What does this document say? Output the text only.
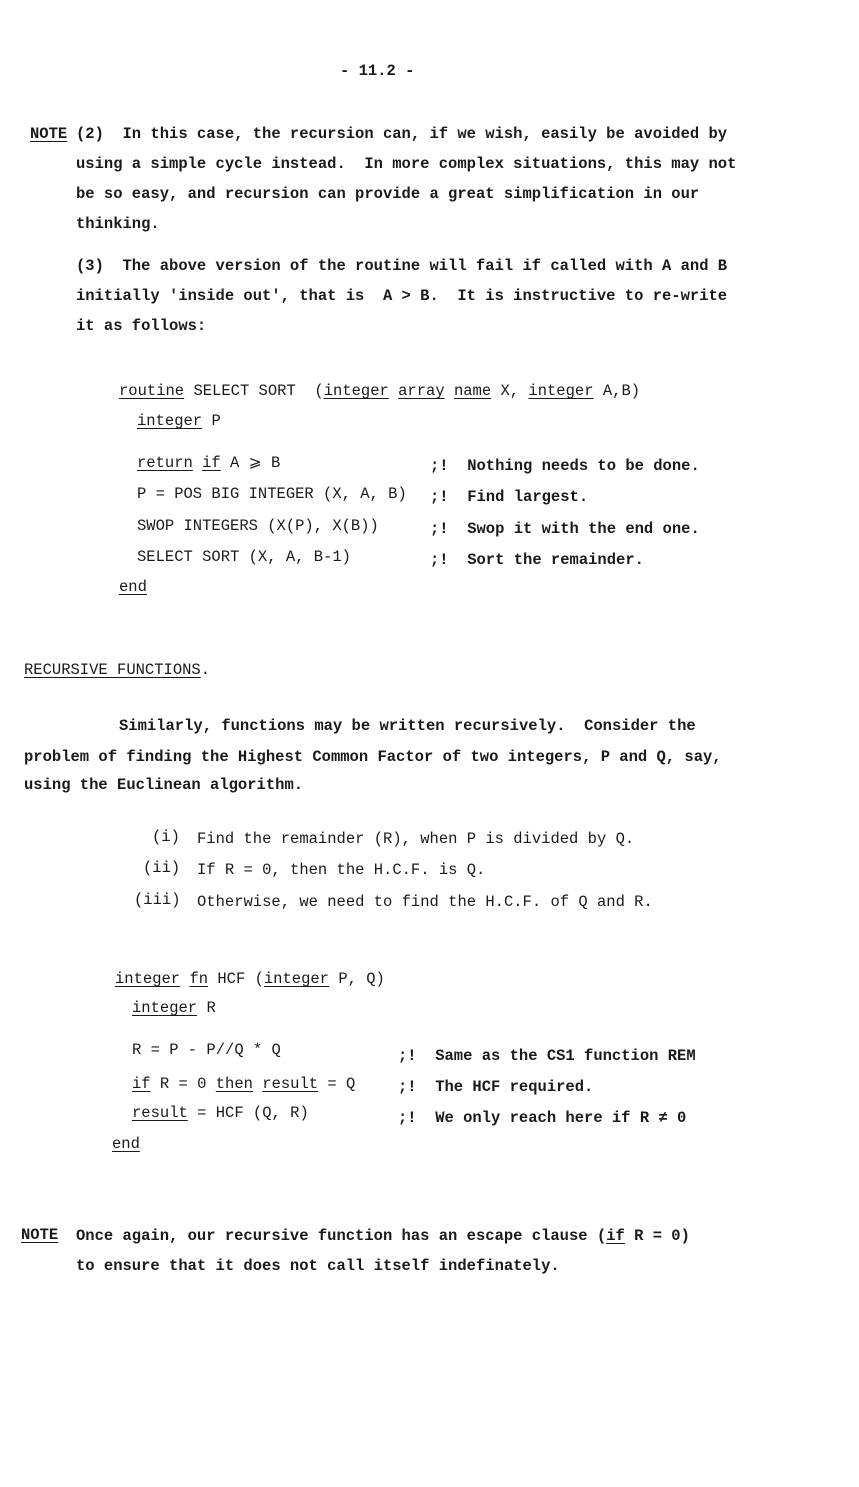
- 11.2 -
NOTE (2)  In this case, the recursion can, if we wish, easily be avoided by
using a simple cycle instead.  In more complex situations, this may not
be so easy, and recursion can provide a great simplification in our
thinking.
(3)  The above version of the routine will fail if called with A and B
initially 'inside out', that is  A > B.  It is instructive to re-write
it as follows:
routine SELECT SORT (integer array name X, integer A,B)
integer P
return if A ⩾ B	;!  Nothing needs to be done.
P = POS BIG INTEGER (X, A, B) ;!  Find largest.
SWOP INTEGERS (X(P), X(B))	;!  Swop it with the end one.
SELECT SORT (X, A, B-1)	;!  Sort the remainder.
end
RECURSIVE FUNCTIONS.
Similarly, functions may be written recursively.  Consider the
problem of finding the Highest Common Factor of two integers, P and Q, say,
using the Euclinean algorithm.
(i) Find the remainder (R), when P is divided by Q.
(ii) If R = 0, then the H.C.F. is Q.
(iii) Otherwise, we need to find the H.C.F. of Q and R.
integer fn HCF (integer P, Q)
integer R
R = P - P//Q * Q	;!  Same as the CS1 function REM
if R = 0 then result = Q	;!  The HCF required.
result = HCF (Q, R)	;!  We only reach here if R ≠ 0
end
NOTE Once again, our recursive function has an escape clause (if R = 0)
to ensure that it does not call itself indefinately.
